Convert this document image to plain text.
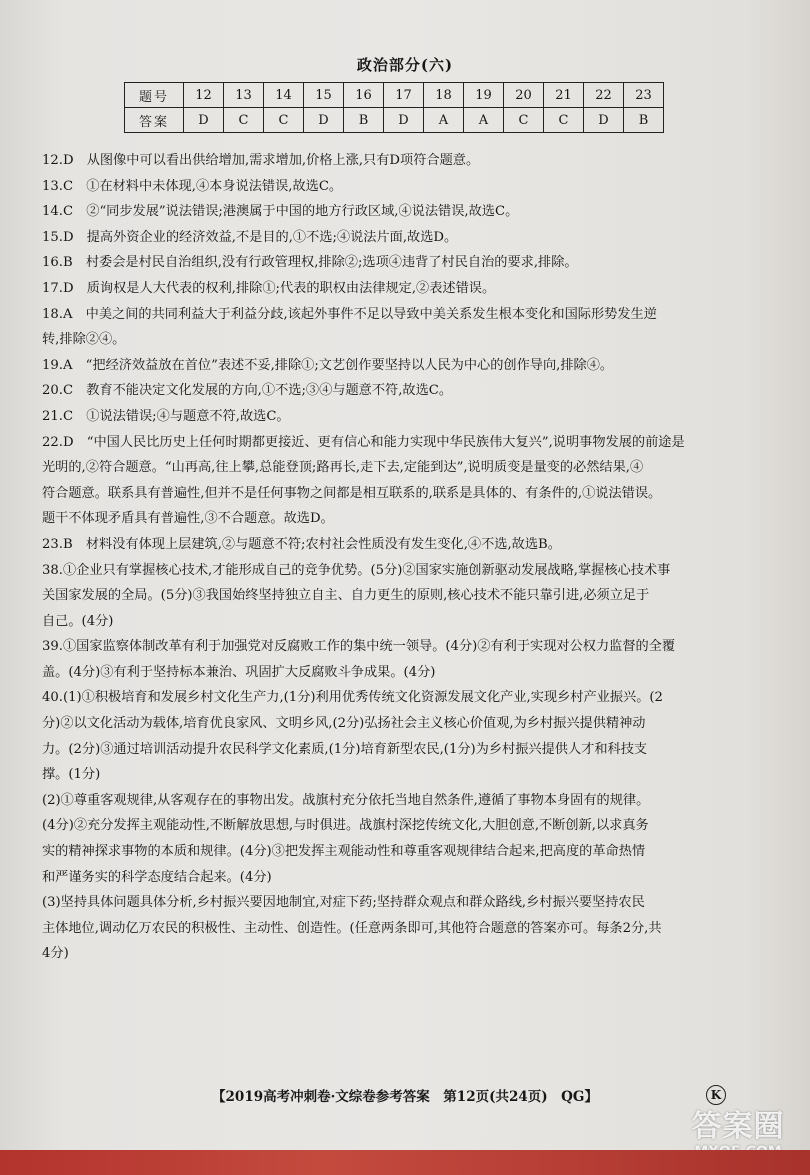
政治部分(六)
题号	12	13	14	15	16	17	18	19	20	21	22	23
答案	D	C	C	D	B	D	A	A	C	C	D	B
12.D　从图像中可以看出供给增加,需求增加,价格上涨,只有D项符合题意。
13.C　①在材料中未体现,④本身说法错误,故选C。
14.C　②“同步发展”说法错误;港澳属于中国的地方行政区域,④说法错误,故选C。
15.D　提高外资企业的经济效益,不是目的,①不选;④说法片面,故选D。
16.B　村委会是村民自治组织,没有行政管理权,排除②;选项④违背了村民自治的要求,排除。
17.D　质询权是人大代表的权利,排除①;代表的职权由法律规定,②表述错误。
18.A　中美之间的共同利益大于利益分歧,该起外事件不足以导致中美关系发生根本变化和国际形势发生逆
转,排除②④。
19.A　“把经济效益放在首位”表述不妥,排除①;文艺创作要坚持以人民为中心的创作导向,排除④。
20.C　教育不能决定文化发展的方向,①不选;③④与题意不符,故选C。
21.C　①说法错误;④与题意不符,故选C。
22.D　“中国人民比历史上任何时期都更接近、更有信心和能力实现中华民族伟大复兴”,说明事物发展的前途是
光明的,②符合题意。“山再高,往上攀,总能登顶;路再长,走下去,定能到达”,说明质变是量变的必然结果,④
符合题意。联系具有普遍性,但并不是任何事物之间都是相互联系的,联系是具体的、有条件的,①说法错误。
题干不体现矛盾具有普遍性,③不合题意。故选D。
23.B　材料没有体现上层建筑,②与题意不符;农村社会性质没有发生变化,④不选,故选B。
38.①企业只有掌握核心技术,才能形成自己的竞争优势。(5分)②国家实施创新驱动发展战略,掌握核心技术事
关国家发展的全局。(5分)③我国始终坚持独立自主、自力更生的原则,核心技术不能只靠引进,必须立足于
自己。(4分)
39.①国家监察体制改革有利于加强党对反腐败工作的集中统一领导。(4分)②有利于实现对公权力监督的全覆
盖。(4分)③有利于坚持标本兼治、巩固扩大反腐败斗争成果。(4分)
40.(1)①积极培育和发展乡村文化生产力,(1分)利用优秀传统文化资源发展文化产业,实现乡村产业振兴。(2
分)②以文化活动为载体,培育优良家风、文明乡风,(2分)弘扬社会主义核心价值观,为乡村振兴提供精神动
力。(2分)③通过培训活动提升农民科学文化素质,(1分)培育新型农民,(1分)为乡村振兴提供人才和科技支
撑。(1分)
(2)①尊重客观规律,从客观存在的事物出发。战旗村充分依托当地自然条件,遵循了事物本身固有的规律。
(4分)②充分发挥主观能动性,不断解放思想,与时俱进。战旗村深挖传统文化,大胆创意,不断创新,以求真务
实的精神探求事物的本质和规律。(4分)③把发挥主观能动性和尊重客观规律结合起来,把高度的革命热情
和严谨务实的科学态度结合起来。(4分)
(3)坚持具体问题具体分析,乡村振兴要因地制宜,对症下药;坚持群众观点和群众路线,乡村振兴要坚持农民
主体地位,调动亿万农民的积极性、主动性、创造性。(任意两条即可,其他符合题意的答案亦可。每条2分,共
4分)
【2019高考冲刺卷·文综卷参考答案　第12页(共24页)　QG】	K
答案圈
